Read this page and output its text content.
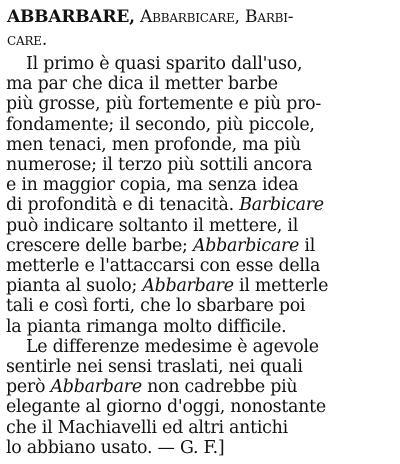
ABBARBARE, Abbarbicare, Barbi-
care.
Il primo è quasi sparito dall'uso,
ma par che dica il metter barbe
più grosse, più fortemente e più pro-
fondamente; il secondo, più piccole,
men tenaci, men profonde, ma più
numerose; il terzo più sottili ancora
e in maggior copia, ma senza idea
di profondità e di tenacità. Barbicare
può indicare soltanto il mettere, il
crescere delle barbe; Abbarbicare il
metterle e l'attaccarsi con esse della
pianta al suolo; Abbarbare il metterle
tali e così forti, che lo sbarbare poi
la pianta rimanga molto difficile.
Le differenze medesime è agevole
sentirle nei sensi traslati, nei quali
però Abbarbare non cadrebbe più
elegante al giorno d'oggi, nonostante
che il Machiavelli ed altri antichi
lo abbiano usato. — G. F.]
